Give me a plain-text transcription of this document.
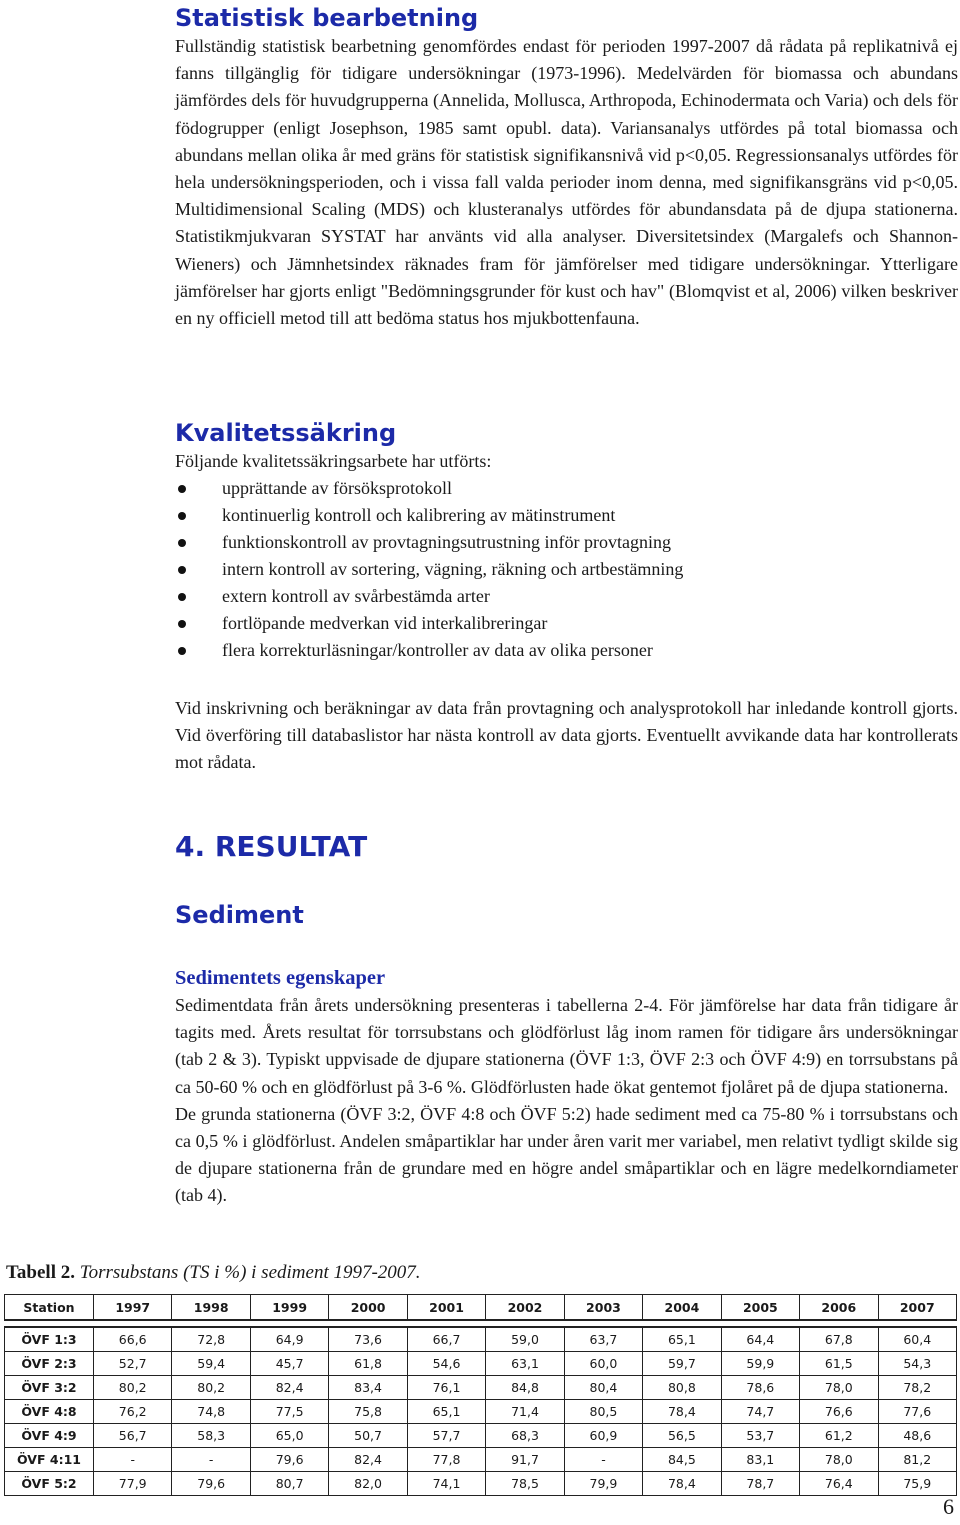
Statistisk bearbetning

Fullständig statistisk bearbetning genomfördes endast för perioden 1997-2007 då rådata på replikatnivå ej fanns tillgänglig för tidigare undersökningar (1973-1996). Medelvärden för biomassa och abundans jämfördes dels för huvudgrupperna (Annelida, Mollusca, Arthropoda, Echinodermata och Varia) och dels för födogrupper (enligt Josephson, 1985 samt opubl. data). Variansanalys utfördes på total biomassa och abundans mellan olika år med gräns för statistisk signifikansnivå vid p<0,05. Regressionsanalys utfördes för hela undersökningsperioden, och i vissa fall valda perioder inom denna, med signifikansgräns vid p<0,05. Multidimensional Scaling (MDS) och klusteranalys utfördes för abundansdata på de djupa stationerna. Statistikmjukvaran SYSTAT har använts vid alla analyser. Diversitetsindex (Margalefs och Shannon-Wieners) och Jämnhetsindex räknades fram för jämförelser med tidigare undersökningar. Ytterligare jämförelser har gjorts enligt "Bedömningsgrunder för kust och hav" (Blomqvist et al, 2006) vilken beskriver en ny officiell metod till att bedöma status hos mjukbottenfauna.

Kvalitetssäkring

Följande kvalitetssäkringsarbete har utförts:

upprättande av försöksprotokoll
kontinuerlig kontroll och kalibrering av mätinstrument
funktionskontroll av provtagningsutrustning inför provtagning
intern kontroll av sortering, vägning, räkning och artbestämning
extern kontroll av svårbestämda arter
fortlöpande medverkan vid interkalibreringar
flera korrekturläsningar/kontroller av data av olika personer

Vid inskrivning och beräkningar av data från provtagning och analysprotokoll har inledande kontroll gjorts. Vid överföring till databaslistor har nästa kontroll av data gjorts. Eventuellt avvikande data har kontrollerats mot rådata.

4. RESULTAT
Sediment
Sedimentets egenskaper

Sedimentdata från årets undersökning presenteras i tabellerna 2-4. För jämförelse har data från tidigare år tagits med. Årets resultat för torrsubstans och glödförlust låg inom ramen för tidigare års undersökningar (tab 2 & 3). Typiskt uppvisade de djupare stationerna (ÖVF 1:3, ÖVF 2:3 och ÖVF 4:9) en torrsubstans på ca 50-60 % och en glödförlust på 3-6 %. Glödförlusten hade ökat gentemot fjolåret på de djupa stationerna.

De grunda stationerna (ÖVF 3:2, ÖVF 4:8 och ÖVF 5:2) hade sediment med ca 75-80 % i torrsubstans och ca 0,5 % i glödförlust. Andelen småpartiklar har under åren varit mer variabel, men relativt tydligt skilde sig de djupare stationerna från de grundare med en högre andel småpartiklar och en lägre medelkorndiameter (tab 4).

Tabell 2. Torrsubstans (TS i %) i sediment 1997-2007.
Station	1997	1998	1999	2000	2001	2002	2003	2004	2005	2006	2007

ÖVF 1:3	66,6	72,8	64,9	73,6	66,7	59,0	63,7	65,1	64,4	67,8	60,4
ÖVF 2:3	52,7	59,4	45,7	61,8	54,6	63,1	60,0	59,7	59,9	61,5	54,3
ÖVF 3:2	80,2	80,2	82,4	83,4	76,1	84,8	80,4	80,8	78,6	78,0	78,2
ÖVF 4:8	76,2	74,8	77,5	75,8	65,1	71,4	80,5	78,4	74,7	76,6	77,6
ÖVF 4:9	56,7	58,3	65,0	50,7	57,7	68,3	60,9	56,5	53,7	61,2	48,6
ÖVF 4:11	-	-	79,6	82,4	77,8	91,7	-	84,5	83,1	78,0	81,2
ÖVF 5:2	77,9	79,6	80,7	82,0	74,1	78,5	79,9	78,4	78,7	76,4	75,9
6
